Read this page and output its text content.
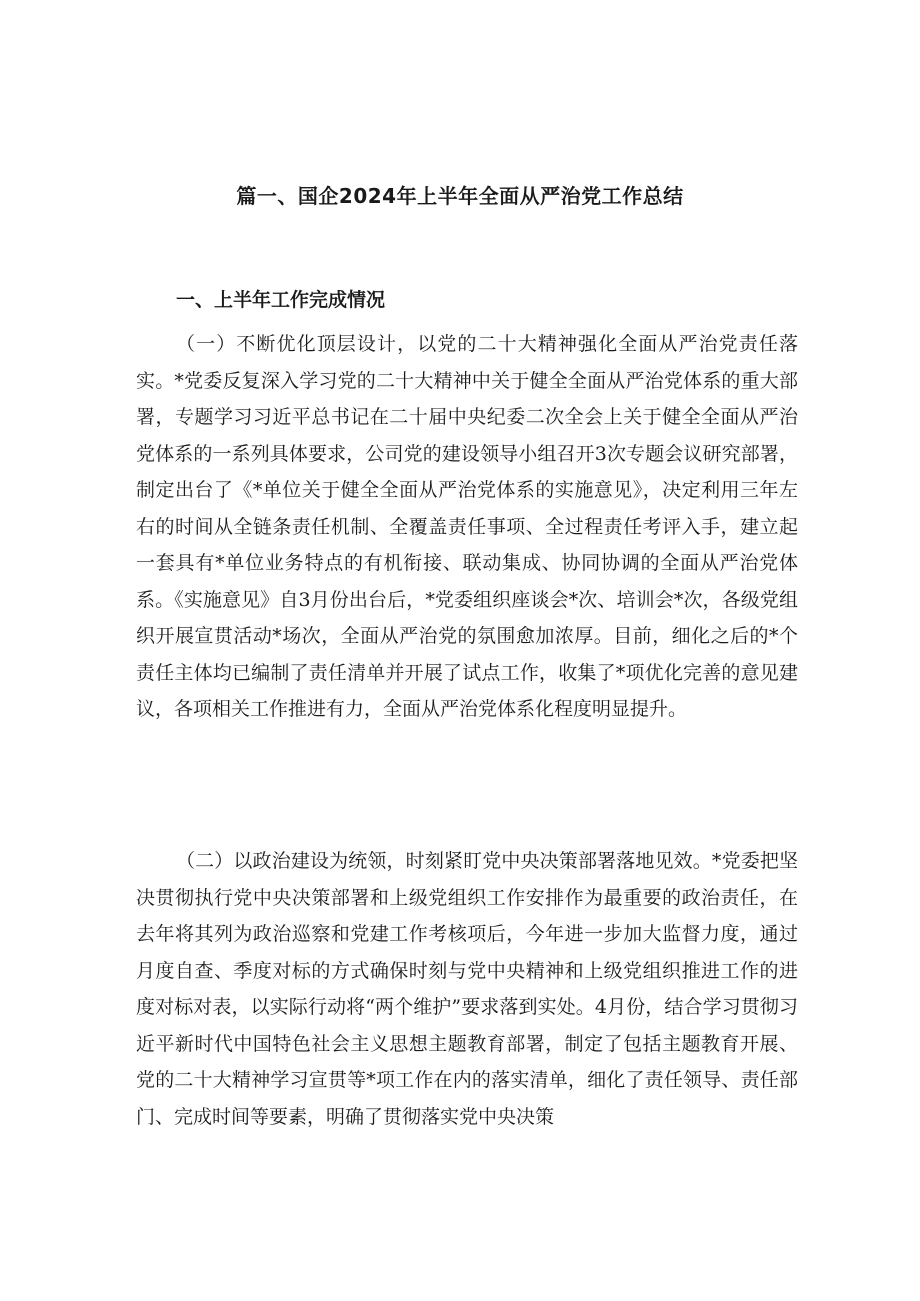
篇一、国企2024年上半年全面从严治党工作总结
一、上半年工作完成情况

（一）不断优化顶层设计，以党的二十大精神强化全面从严治党责任落实。*党委反复深入学习党的二十大精神中关于健全全面从严治党体系的重大部署，专题学习习近平总书记在二十届中央纪委二次全会上关于健全全面从严治党体系的一系列具体要求，公司党的建设领导小组召开3次专题会议研究部署，制定出台了《*单位关于健全全面从严治党体系的实施意见》，决定利用三年左右的时间从全链条责任机制、全覆盖责任事项、全过程责任考评入手，建立起一套具有*单位业务特点的有机衔接、联动集成、协同协调的全面从严治党体系。《实施意见》自3月份出台后，*党委组织座谈会*次、培训会*次，各级党组织开展宣贯活动*场次，全面从严治党的氛围愈加浓厚。目前，细化之后的*个责任主体均已编制了责任清单并开展了试点工作，收集了*项优化完善的意见建议，各项相关工作推进有力，全面从严治党体系化程度明显提升。

（二）以政治建设为统领，时刻紧盯党中央决策部署落地见效。*党委把坚决贯彻执行党中央决策部署和上级党组织工作安排作为最重要的政治责任，在去年将其列为政治巡察和党建工作考核项后，今年进一步加大监督力度，通过月度自查、季度对标的方式确保时刻与党中央精神和上级党组织推进工作的进度对标对表，以实际行动将“两个维护”要求落到实处。4月份，结合学习贯彻习近平新时代中国特色社会主义思想主题教育部署，制定了包括主题教育开展、党的二十大精神学习宣贯等*项工作在内的落实清单，细化了责任领导、责任部门、完成时间等要素，明确了贯彻落实党中央决策
